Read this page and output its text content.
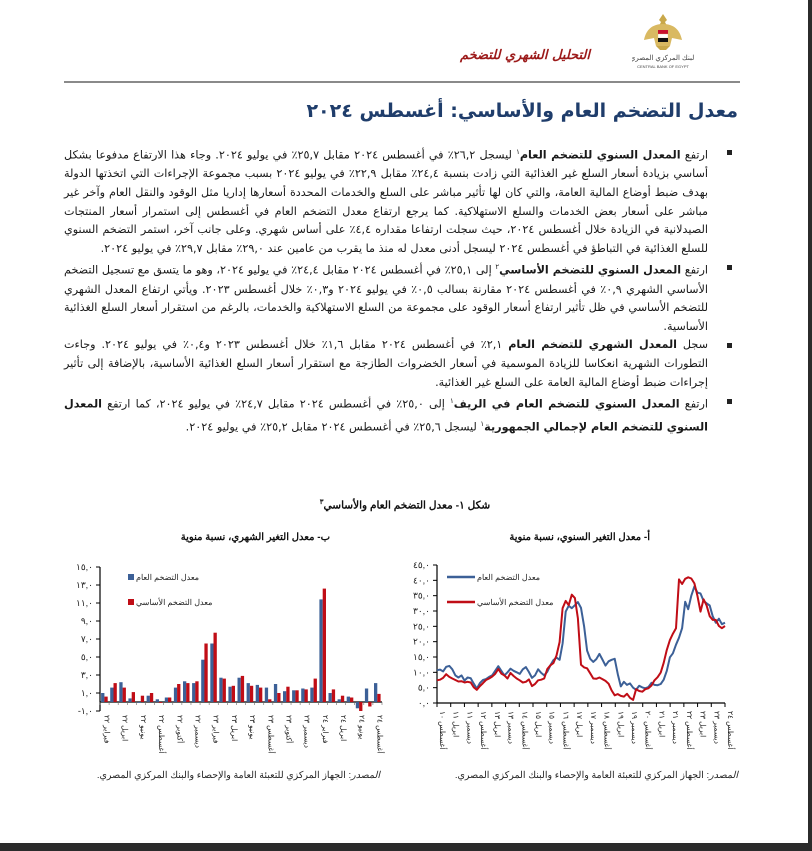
البنك المركزي المصري
CENTRAL BANK OF EGYPT
التحليل الشهري للتضخم
معدل التضخم العام والأساسي: أغسطس ٢٠٢٤
ارتفع المعدل السنوي للتضخم العام$^١$ ليسجل ٢٦,٢٪ في أغسطس ٢٠٢٤ مقابل ٢٥,٧٪ في يوليو ٢٠٢٤. وجاء هذا الارتفاع مدفوعا بشكل أساسي بزيادة أسعار السلع غير الغذائية التي زادت بنسبة ٢٤,٤٪ مقابل ٢٢,٩٪ في يوليو ٢٠٢٤ بسبب مجموعة الإجراءات التي اتخذتها الدولة بهدف ضبط أوضاع المالية العامة، والتي كان لها تأثير مباشر على السلع والخدمات المحددة أسعارها إداريا مثل الوقود والنقل العام وآخر غير مباشر على أسعار بعض الخدمات والسلع الاستهلاكية. كما يرجع ارتفاع معدل التضخم العام في أغسطس إلى استمرار أسعار المنتجات الصيدلانية في الزيادة خلال أغسطس ٢٠٢٤، حيث سجلت ارتفاعا مقداره ٤,٤٪ على أساس شهري. وعلى جانب آخر، استمر التضخم السنوي للسلع الغذائية في التباطؤ في أغسطس ٢٠٢٤ ليسجل أدنى معدل له منذ ما يقرب من عامين عند ٢٩,٠٪ مقابل ٢٩,٧٪ في يوليو ٢٠٢٤.
ارتفع المعدل السنوي للتضخم الأساسي$^٢$ إلى ٢٥,١٪ في أغسطس ٢٠٢٤ مقابل ٢٤,٤٪ في يوليو ٢٠٢٤، وهو ما يتسق مع تسجيل التضخم الأساسي الشهري ٠,٩٪ في أغسطس ٢٠٢٤ مقارنة بسالب ٠,٥٪ في يوليو ٢٠٢٤ و٠,٣٪ خلال أغسطس ٢٠٢٣. ويأتي ارتفاع المعدل الشهري للتضخم الأساسي في ظل تأثير ارتفاع أسعار الوقود على مجموعة من السلع الاستهلاكية والخدمات، بالرغم من استقرار أسعار السلع الغذائية الأساسية.
سجل المعدل الشهري للتضخم العام ٢,١٪ في أغسطس ٢٠٢٤ مقابل ١,٦٪ خلال أغسطس ٢٠٢٣ و٠,٤٪ في يوليو ٢٠٢٤. وجاءت التطورات الشهرية انعكاسا للزيادة الموسمية في أسعار الخضروات الطازجة مع استقرار أسعار السلع الغذائية الأساسية، بالإضافة إلى تأثير إجراءات ضبط أوضاع المالية العامة على السلع غير الغذائية.
ارتفع المعدل السنوي للتضخم العام في الريف$^١$ إلى ٢٥,٠٪ في أغسطس ٢٠٢٤ مقابل ٢٤,٧٪ في يوليو ٢٠٢٤، كما ارتفع المعدل السنوي للتضخم العام لإجمالي الجمهورية$^١$ ليسجل ٢٥,٦٪ في أغسطس ٢٠٢٤ مقابل ٢٥,٢٪ في يوليو ٢٠٢٤.
شكل ١- معدل التضخم العام والأساسي$^٣$
أ- معدل التغير السنوي، نسبة منوية
ب- معدل التغير الشهري، نسبة منوية
-١,٠
١,٠
٣,٠
٥,٠
٧,٠
٩,٠
١١,٠
١٣,٠
١٥,٠
فبراير ٢٢
ابريل ٢٢
يونيو ٢٢
أغسطس ٢٢
أكتوبر ٢٢
ديسمبر ٢٢
فبراير ٢٣
ابريل ٢٣
يونيو ٢٣
أغسطس ٢٣
أكتوبر ٢٣
ديسمبر ٢٣
فبراير ٢٤
ابريل ٢٤
يونيو ٢٤
أغسطس ٢٤
معدل التضخم العام
معدل التضخم الأساسي
٠,٠
٥,٠
١٠,٠
١٥,٠
٢٠,٠
٢٥,٠
٣٠,٠
٣٥,٠
٤٠,٠
٤٥,٠
أغسطس ١٠
ابريل ١١
ديسمبر ١١
أغسطس ١٢
ابريل ١٣
ديسمبر ١٣
أغسطس ١٤
ابريل ١٥
ديسمبر ١٥
أغسطس ١٦
ابريل ١٧
ديسمبر ١٧
أغسطس ١٨
ابريل ١٩
ديسمبر ١٩
أغسطس ٢٠
ابريل ٢١
ديسمبر ٢١
أغسطس ٢٢
ابريل ٢٣
ديسمبر ٢٣
أغسطس ٢٤
معدل التضخم العام
معدل التضخم الأساسي
المصدر: الجهاز المركزي للتعبئة العامة والإحصاء والبنك المركزي المصري.	المصدر: الجهاز المركزي للتعبئة العامة والإحصاء والبنك المركزي المصري.
